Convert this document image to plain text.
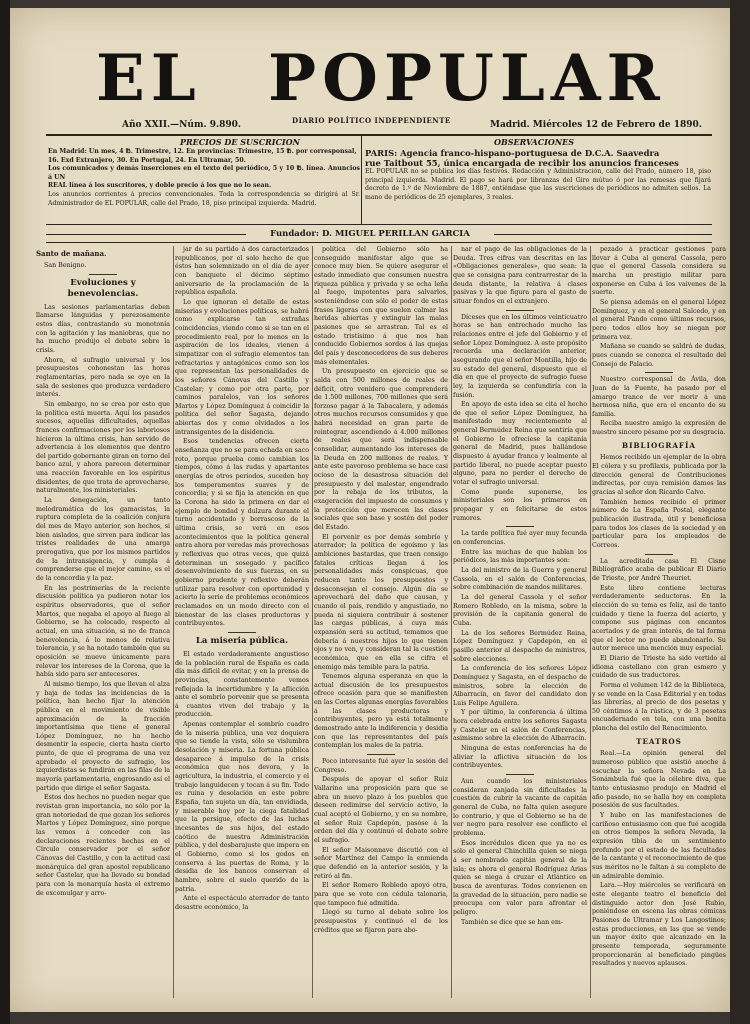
EL POPULAR
DIARIO POLÍTICO INDEPENDIENTE
Año XXII.—Núm. 9.890.	Madrid. Miércoles 12 de Febrero de 1890.
PRECIOS DE SUSCRICION	OBSERVACIONES
En Madrid: Un mes, 4 ℔. Trimestre, 12. En provincias: Trimestre, 15 ℔. por corresponsal,
16. Exd Extranjero, 30. En Portugal, 24. En Ultramar, 50.
Los comunicados y demás inserciones en el texto del periódico, 5 y 10 ℔. línea. Anuncios á UN
REAL línea á los suscritores, y doble precio á los que no lo sean.
Los anuncios corrientes á precios convencionales. Toda la correspondencia se dirigirá al Sr. Administrador de EL POPULAR, calle del Prado, 18, piso principal izquierda. Madrid.
PARIS: Agencia franco-hispano-portuguesa de D.C.A. Saavedra
rue Taitbout 55, única encargada de recibir los anuncios franceses
EL POPULAR no se publica los días festivos. Redacción y Administración, calle del Prado, número 18, piso principal izquierda. Madrid. El pago se hará por libranzas del Giro mútuo ó por las remesas que fijará decreto de 1.º de Noviembre de 1887, entiéndase que las suscriciones de periódicos no admiten sellos. La mano de periódicos de 25 ejemplares, 3 reales.
Fundador: D. MIGUEL PERILLAN GARCIA

Santo de mañana.

San Benigno.

Evoluciones y benevolencias.

Las sesiones parlamentarias deben llamarse lánguidas y perezosamente estos días, contrastando su monotonía con la agitación y las maniobras, que no ha mucho prodújo el debate sobre la crisis.

Ahora, el sufragio universal y los presupuestos cohonestan las horas reglamentarias, pero nada se oye en la sala de sesiones que produzca verdadero interés.

Sin embargo, no se crea por esto que la política está muerta. Aquí los pasados sucesos, aquellas dificultades, aquellas frances confirmaciones por los laboriosos hicieron la última crisis, han servido de advertencia á los elementos que dentro del partido gobernante giran en torno del banco azul, y ahora parecen determinar una reacción favorable en los espíritus disidentes, de que trata de aprovecharse, naturalmente, los ministeriales.

La denegación, un tanto melodramática de los gamacistas, la ruptura completa de la coalición conjura del mes de Mayo anterior, son hechos, si bien aislados, que sirven para indicar las tristes realidades de una amarga prerogativa, que por los mismos partidos de la intransigencia, y cumpla á comprenderse que el mejor camino, es el de la concordia y la paz.

En las postrimerías de la reciente discusión política ya pudieron notar los espíritus observadores, que el señor Martos, que negaba el apoyo al fuego al Gobierno, se ha colocado, respecto al actual, en una situación, si no de franca benevolencia, á lo menos de relativa tolerancia, y se ha notado también que su oposición se mueve únicamente para relevar los intereses de la Corona, que la había sido para ser antecesores.

Al mismo tiempo, los que llevan el alza y baja de todas las incidencias de la política, han hecho fijar la atención pública en el movimiento de visible aproximación de la fracción importantísima que tiene el general López Domínguez, no ha hecho desmentir la especie, cierta hasta cierto punto, de que el programa de una vez aprobado el proyecto de sufragio, los izquierdistas se fundirán en las filas de la mayoría parlamentaria, engrosando así el partido que dirige el señor Sagasta.

Estos dos hechos no pueden negar que revistan gran importancia, no sólo por la gran notoriedad de que gozan los señores Martos y López Domínguez, sino porque las vemos á conceder con las declaraciones recientes hechas en el Círculo conservador por el señor Cánovas del Castillo, y con la actitud casi monárquica del gran apostol republicano señor Castelar, que ha llevado su bondad para con la monarquía hasta el extremo de excomulgar y arro-

jar de su partido á dos caracterizados republicanos, por el solo hecho de que éstos han solemnizado en el día de ayer con banquete el décimo séptimo aniversario de la proclamación de la república española.

Lo que ignoran el detalle de estas miserias y evoluciones políticas, se habrá como explicarse tan extrañas coincidencias, viendo como si se tan en el procedimiento real, por lo menos en la aspiración de los ideales, vienen á simpatizar con el sufragio elementos tan refractarios y antagónicos como son los que representan las personalidades de los señores Cánovas del Castillo y Castelar; y como por otra parte, por caminos paralelos, van los señores Martos y López Domínguez á coincidir la política del señor Sagasta, dejando abiertas dos y como olvidados a los intransigentes de la disidencia.

Esos tendencias ofrecen cierta enseñanza que no se para echada en saco roto, porque prueba como cambian los tiempos, cómo á las rudas y apartantes energías de otros periodos, suceden hoy los temperamentos suaves y de concordia; y si se fija la atención en que la Corona ha sido la primera en dar el ejemplo de bondad y dulzura durante el turno accidentado y borrascoso de la última crisis, se verá en esos acontecimientos que la política general entra ahora por veredas más provechosas y reflexivas que otras veces, que quizá determinan un sosegado y pacífico desenvolvimiento de sus fuerzas, en su gobierno prudente y reflexivo deberán utilizar para resolver con oportunidad y acierto la serie de problemas económicos reclamados en un modo directo con el bienestar de las clases productoras y contribuyentes.

La miseria pública.

El estado verdaderamente angustioso de la población rural de España es cada día más difícil de evitar, y en la prensa de provincias, constantemente vemos reflejada la incertidumbre y la aflicción ante el sombrío porvenir que se presenta á cuantos viven del trabajo y la producción.

Apenas contemplar el sombrío cuadro de la miseria pública, una vez doquiera que se tiende la vista, sólo se vislumbra desolación y miseria. La fortuna pública desaparece á impulso de la crisis económica que nos devora, y la agricultura, la industria, el comercio y el trabajo languidecen y tocan á su fin. Todo es ruina y desolación en este pobre España, tan sujeta un día, tan envidiada, y miserable hoy por la ciega fatalidad que la persigue, efecto de las luchas incesantes de sus hijos, del estado caótico de nuestra Administración pública, y del desbarajuste que impera en el Gobierno, como si los godos en conserva á las puertas de Roma, y la desidia de los bancos conservan el hambre, sobre el suelo querido de la patria.

Ante el espectáculo aterrador de tanto desastre económico, la

política del Gobierno sólo ha conseguido manifestar algo que se conoce muy bien. Se quiere asegurar el estado inmediato que consumen nuestra riqueza pública y privada y se echa leña al fuego, impotentes para salvarlos, sosteniéndose con sólo el poder de estas frases ligeras con que suelen calmar las heridas abiertas y extinguir las malas pasiones que se arrastran. Tal es el estado tristísimo á que nos han conducido Gobiernos sordos á las quejas del país y desconocedores de sus deberes más elementales.

Un presupuesto en ejercicio que se salda con 500 millones de reales de déficit, otro venidero que comprenderá de 1.500 millones, 700 millones que será forzoso pagar á la Tabacalera, y además otros muchos recursos consumidos y que habrá necesidad en gran parte de reintegrar, ascendiendo á 4.000 millones de reales que será indispensable consolidar, aumentando los intereses de la Deuda en 200 millones de reales. Y ante este pavoroso problema se hace casi ocioso de la desastrosa situación del presupuesto y del malestar, engendrado por la rebaja de los tributos, la exageración del impuesto de consumos y la protección que merecen las clases sociales que son base y sostén del poder del Estado.

El porvenir es por demás sombrío y aterrador; la política de egoísmo y las ambiciones bastardas, que traen consigo fatales críticas llegan á los personalidades más conspicuas, que reducen tanto los presupuestos y desaconsejan el consejo. Algún día se aprovechará del daño que causan, y cuando el país, rendido y angustiado, no pueda ni siquiera contribuir á sostener las cargas públicas, á cuya más expansión será su actitud, temamos que debería á nuestros hijos lo que tienen ojos y no ven, y consideran tal la cuestión económica, que en ella se cifra el enemigo más temible para la patria.

Tenemos alguna esperanza en que la actual discusión de los presupuestos ofrece ocasión para que se manifiesten en las Cortes algunas energías favorables á las clases productoras y contribuyentes, pero ya está totalmente demostrado ante la indiferencia y desidia con que las representantes del país contemplan los males de la patria.

Poco interesante fué ayer la sesión del Congreso.

Después de apoyar el señor Ruiz Vallarino una proposición para que se abra un nuevo plazo á los pueblos que deseen redimirse del servicio activo, la cual aceptó el Gobierno, y en su nombre, el señor Ruiz Capdepón, pasóse á la orden del día y continuó el debate sobre el sufragio.

El señor Maisonnave discutió con el señor Martínez del Campo la enmienda que defendió en la anterior sesión, y la retiró al fin.

El señor Romero Robledo apoyó otra, para que se vote con cédula talonaria, que tampoco fué admitida.

Llegó su turno al debate sobre los presupuestos y continuó el de los créditos que se fijaron para abo-

nar el pago de las obligaciones de la Deuda. Tres cifras van descritas en las «Obligaciones generales», que sean: la que se consigna para contrarrestar de la deuda distante, la relativa á clases pasivas y la que figura para el gasto de situar fondos en el extranjero.

Díceses que en los últimos veinticuatro horas se han entrechado mucho las relaciones entre el jefe del Gobierno y el señor López Domínguez. A este propósito recuerda una declaración anterior, asegurando que el señor Montilla, hijo de su estado del general, dispuesto que el día en que el proyecto de sufragio fuese ley, la izquierda se confundiría con la fusión.

En apoyo de esta idea se cita el hecho de que el señor López Domínguez, ha manifestado muy recientemente al general Bermúdez Reina que sentiría que el Gobierno le ofreciese la capitanía general de Madrid, pues hallándose dispuesto á ayudar franca y lealmente al partido liberal, no puede aceptar puesto alguno, para no perder el derecho de votar el sufragio universal.

Como puede suponerse, los ministeriales son los primeros en propagar y en felicitarse de estos rumores.

La tarde política fué ayer muy fecunda en conferencias.

Entre las muchas de que hablan los periódicos, las más importantes son:

La del ministro de la Guerra y general Cassola, en el salón de Conferencias, sobre combinación de mandos militares.

La del general Cassola y el señor Romero Robledo, en la misma, sobre la provisión de la capitanía general de Cuba.

La de los señores Bermúdez Reina, López Domínguez y Capdepón, en el pasillo anterior al despacho de ministros, sobre elecciones.

La conferencia de los señores López Domínguez y Sagasta, en el despacho de ministros, sobre la elección de Albarracín, en favor del candidato don Luis Felipe Aguilera.

Y por último, la conferencia á última hora celebrada entre los señores Sagasta y Castelar en el salón de Conferencias, asimismo sobre la elección de Albarracín.

Ninguna de estas conferencias ha de aliviar la aflictiva situación de los contribuyentes.

Aun cuando los ministeriales consideran zanjada sin dificultades la cuestión de cubrir la vacante de capitán general de Cuba, no falta quien asegure lo contrario, y que el Gobierno se ha de ver negro para resolver ese conflicto el problema.

Esos incrédulos dicen que ya no es sólo el general Chinchilla quien se niega á ser nombrado capitán general de la isla; es ahora el general Rodríguez Arias quien se niega á cruzar el Atlántico en busca de aventuras. Todos convienen en la gravedad de la situación, pero nadie se preocupa con valor para afrontar el peligro.

También se dice que se han em-

pezado á practicar gestiones para llevar á Cuba al general Cassola, pero que el general Cassola considera su marcha un prestigio militar para exponerse en Cuba á los vaivenes de la suerte.

Se piensa además en el general López Domínguez, y en el general Salcedo, y en el general Pando como últimos recursos, pero todos ellos hoy se niegan por primera vez.

Mañana se cuando se saldrá de dudas, pues cuando se conozca el resultado del Consejo de Palacio.

Nuestro corresponsal de Ávila, don Juan de la Fuente, ha pasado por el amargo trance de ver morir á una hermosa niña, que era el encanto de su familia.

Reciba nuestro amigo la expresión de nuestro sincero pésame por su desgracia.

BIBLIOGRAFÍA

Hemos recibido un ejemplar de la obra El cólera y su profilaxis, publicada por la dirección general de Contribuciones indirectas, por cuya remisión damos las gracias al señor don Ricardo Calvo.

También hemos recibido el primer número de La España Postal, elegante publicación ilustrada, útil y beneficiosa para todos los clases de la sociedad y en particular para los empleados de Correos.

La acreditada casa El Cisne Bibliográfico acaba de publicar El Diario de Trieste, por André Theuriet.

Este libro contiene lecturas verdaderamente seductoras. En la elección de su tema es feliz, así de tanto cuidado y tiene la fuerza del acierto, y compone sus páginas con encantos acertados y de gran interés, de tal forma que el lector no puede abandonarlo. Su autor merece una mención muy especial.

El Diario de Trieste ha sido vertido al idioma castellano con gran esmero y cuidado de sus traductores.

Forma el volumen 142 de la Biblioteca, y se vende en la Casa Editorial y en todas las librerías, al precio de dos pesetas y 50 céntimos á la rústica, y de 3 pesetas encuadernado en tela, con una bonita plancha del estilo del Renacimiento.

TEATROS

Real.—La opinión general del numeroso público que asistió anoche á escuchar la señora Nevada en La Sonámbula fué que la célebre diva, que tanto entusiasmo produjo en Madrid el año pasado, no se halla hoy en completa posesión de sus facultades.

Y hubo en las manifestaciones de cariñoso entusiasmo con que fué acogida en otros tiempos la señora Nevada, la expresión tibia de un sentimiento profundo por el estado de las facultades de la cantante y el reconocimiento de que sus méritos no le faltan á su completo de un admirable dominio.

Lara.—Hoy miércoles se verificará en este elegante teatro el beneficio del distinguido actor don José Rubio, poniéndose en escena las obras cómicas Pasiones de Ultramar y Los Langostinos; estas producciones, en las que se vende un mayor éxito que alcanzado en la presente temporada, seguramente proporcionarán al beneficiado pingües resultados y nuevos aplausos.
